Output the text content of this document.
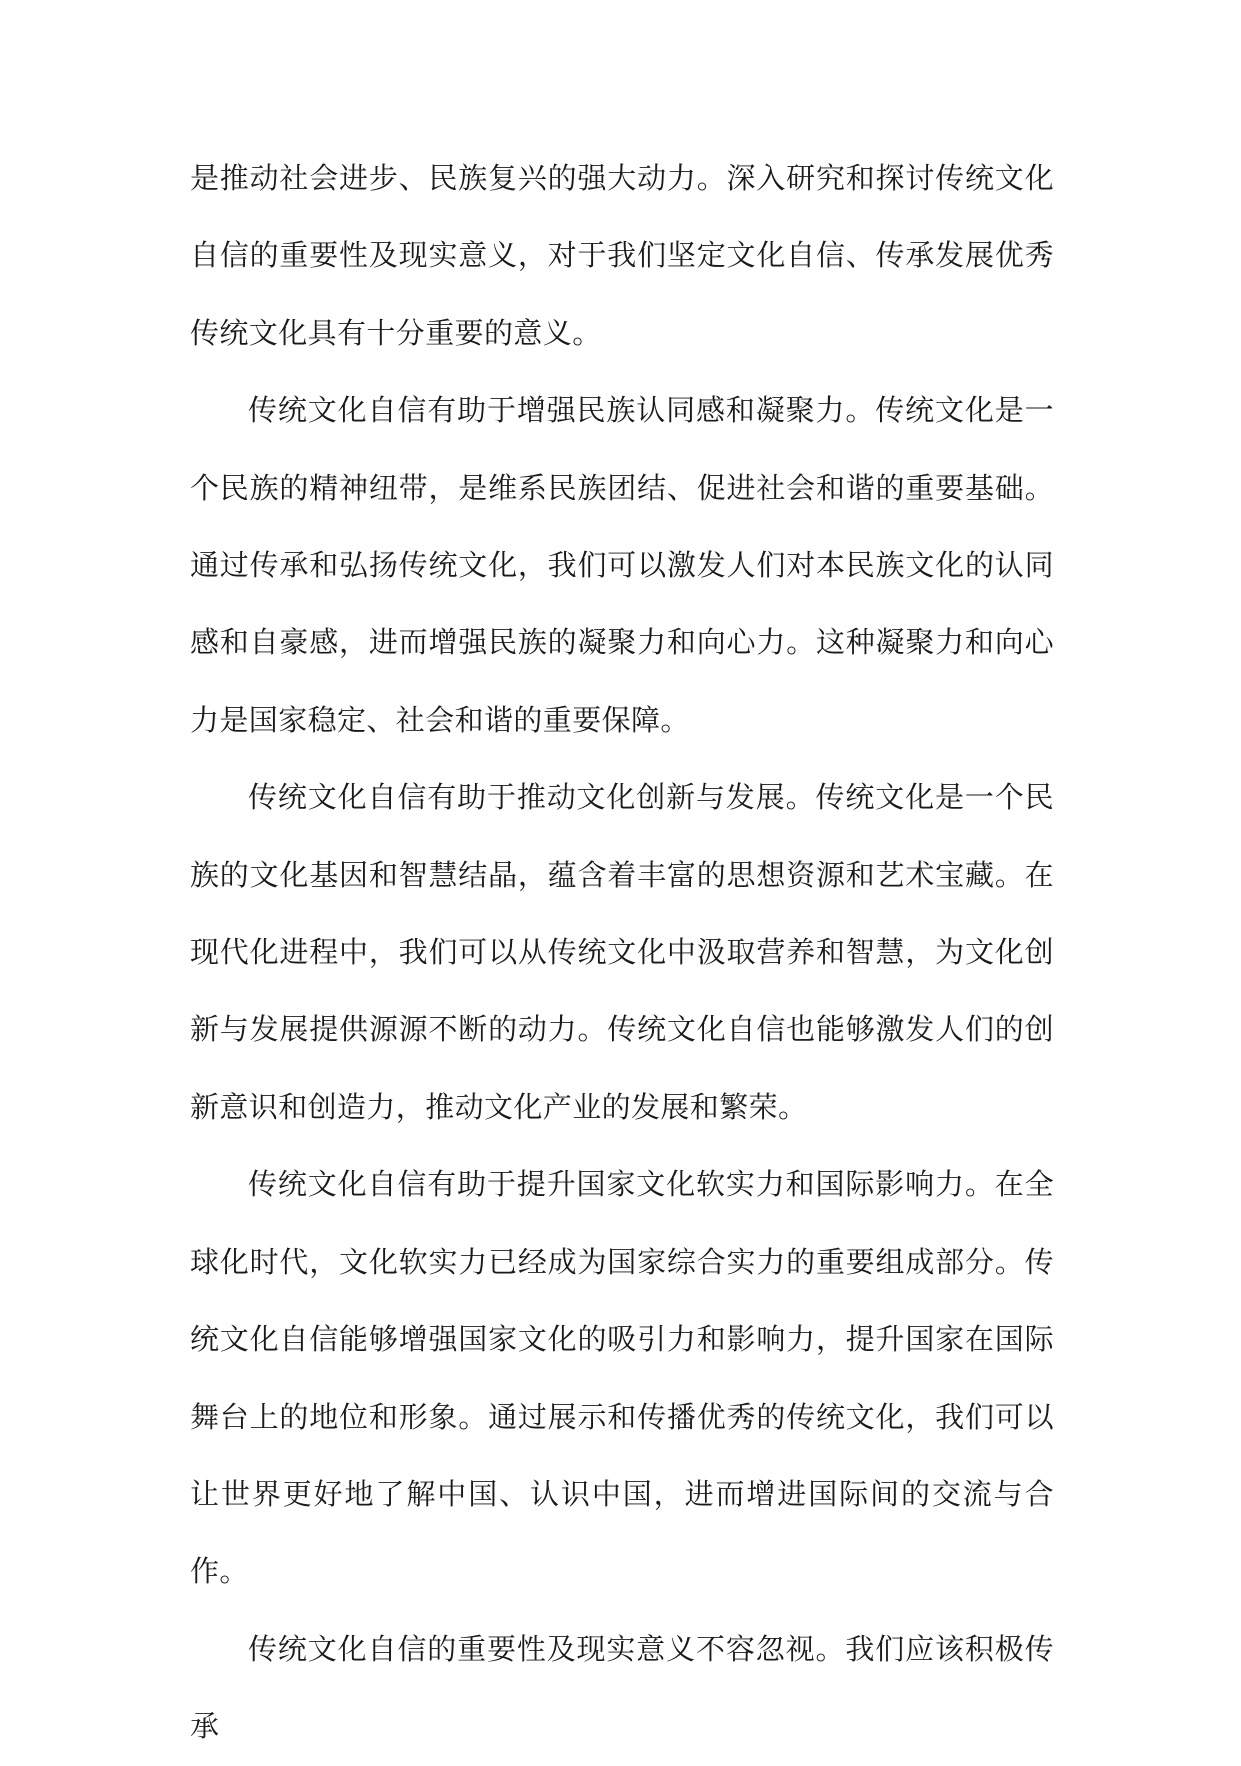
是推动社会进步、民族复兴的强大动力。深入研究和探讨传统文化自信的重要性及现实意义，对于我们坚定文化自信、传承发展优秀传统文化具有十分重要的意义。

传统文化自信有助于增强民族认同感和凝聚力。传统文化是一个民族的精神纽带，是维系民族团结、促进社会和谐的重要基础。通过传承和弘扬传统文化，我们可以激发人们对本民族文化的认同感和自豪感，进而增强民族的凝聚力和向心力。这种凝聚力和向心力是国家稳定、社会和谐的重要保障。

传统文化自信有助于推动文化创新与发展。传统文化是一个民族的文化基因和智慧结晶，蕴含着丰富的思想资源和艺术宝藏。在现代化进程中，我们可以从传统文化中汲取营养和智慧，为文化创新与发展提供源源不断的动力。传统文化自信也能够激发人们的创新意识和创造力，推动文化产业的发展和繁荣。

传统文化自信有助于提升国家文化软实力和国际影响力。在全球化时代，文化软实力已经成为国家综合实力的重要组成部分。传统文化自信能够增强国家文化的吸引力和影响力，提升国家在国际舞台上的地位和形象。通过展示和传播优秀的传统文化，我们可以让世界更好地了解中国、认识中国，进而增进国际间的交流与合作。

传统文化自信的重要性及现实意义不容忽视。我们应该积极传承
